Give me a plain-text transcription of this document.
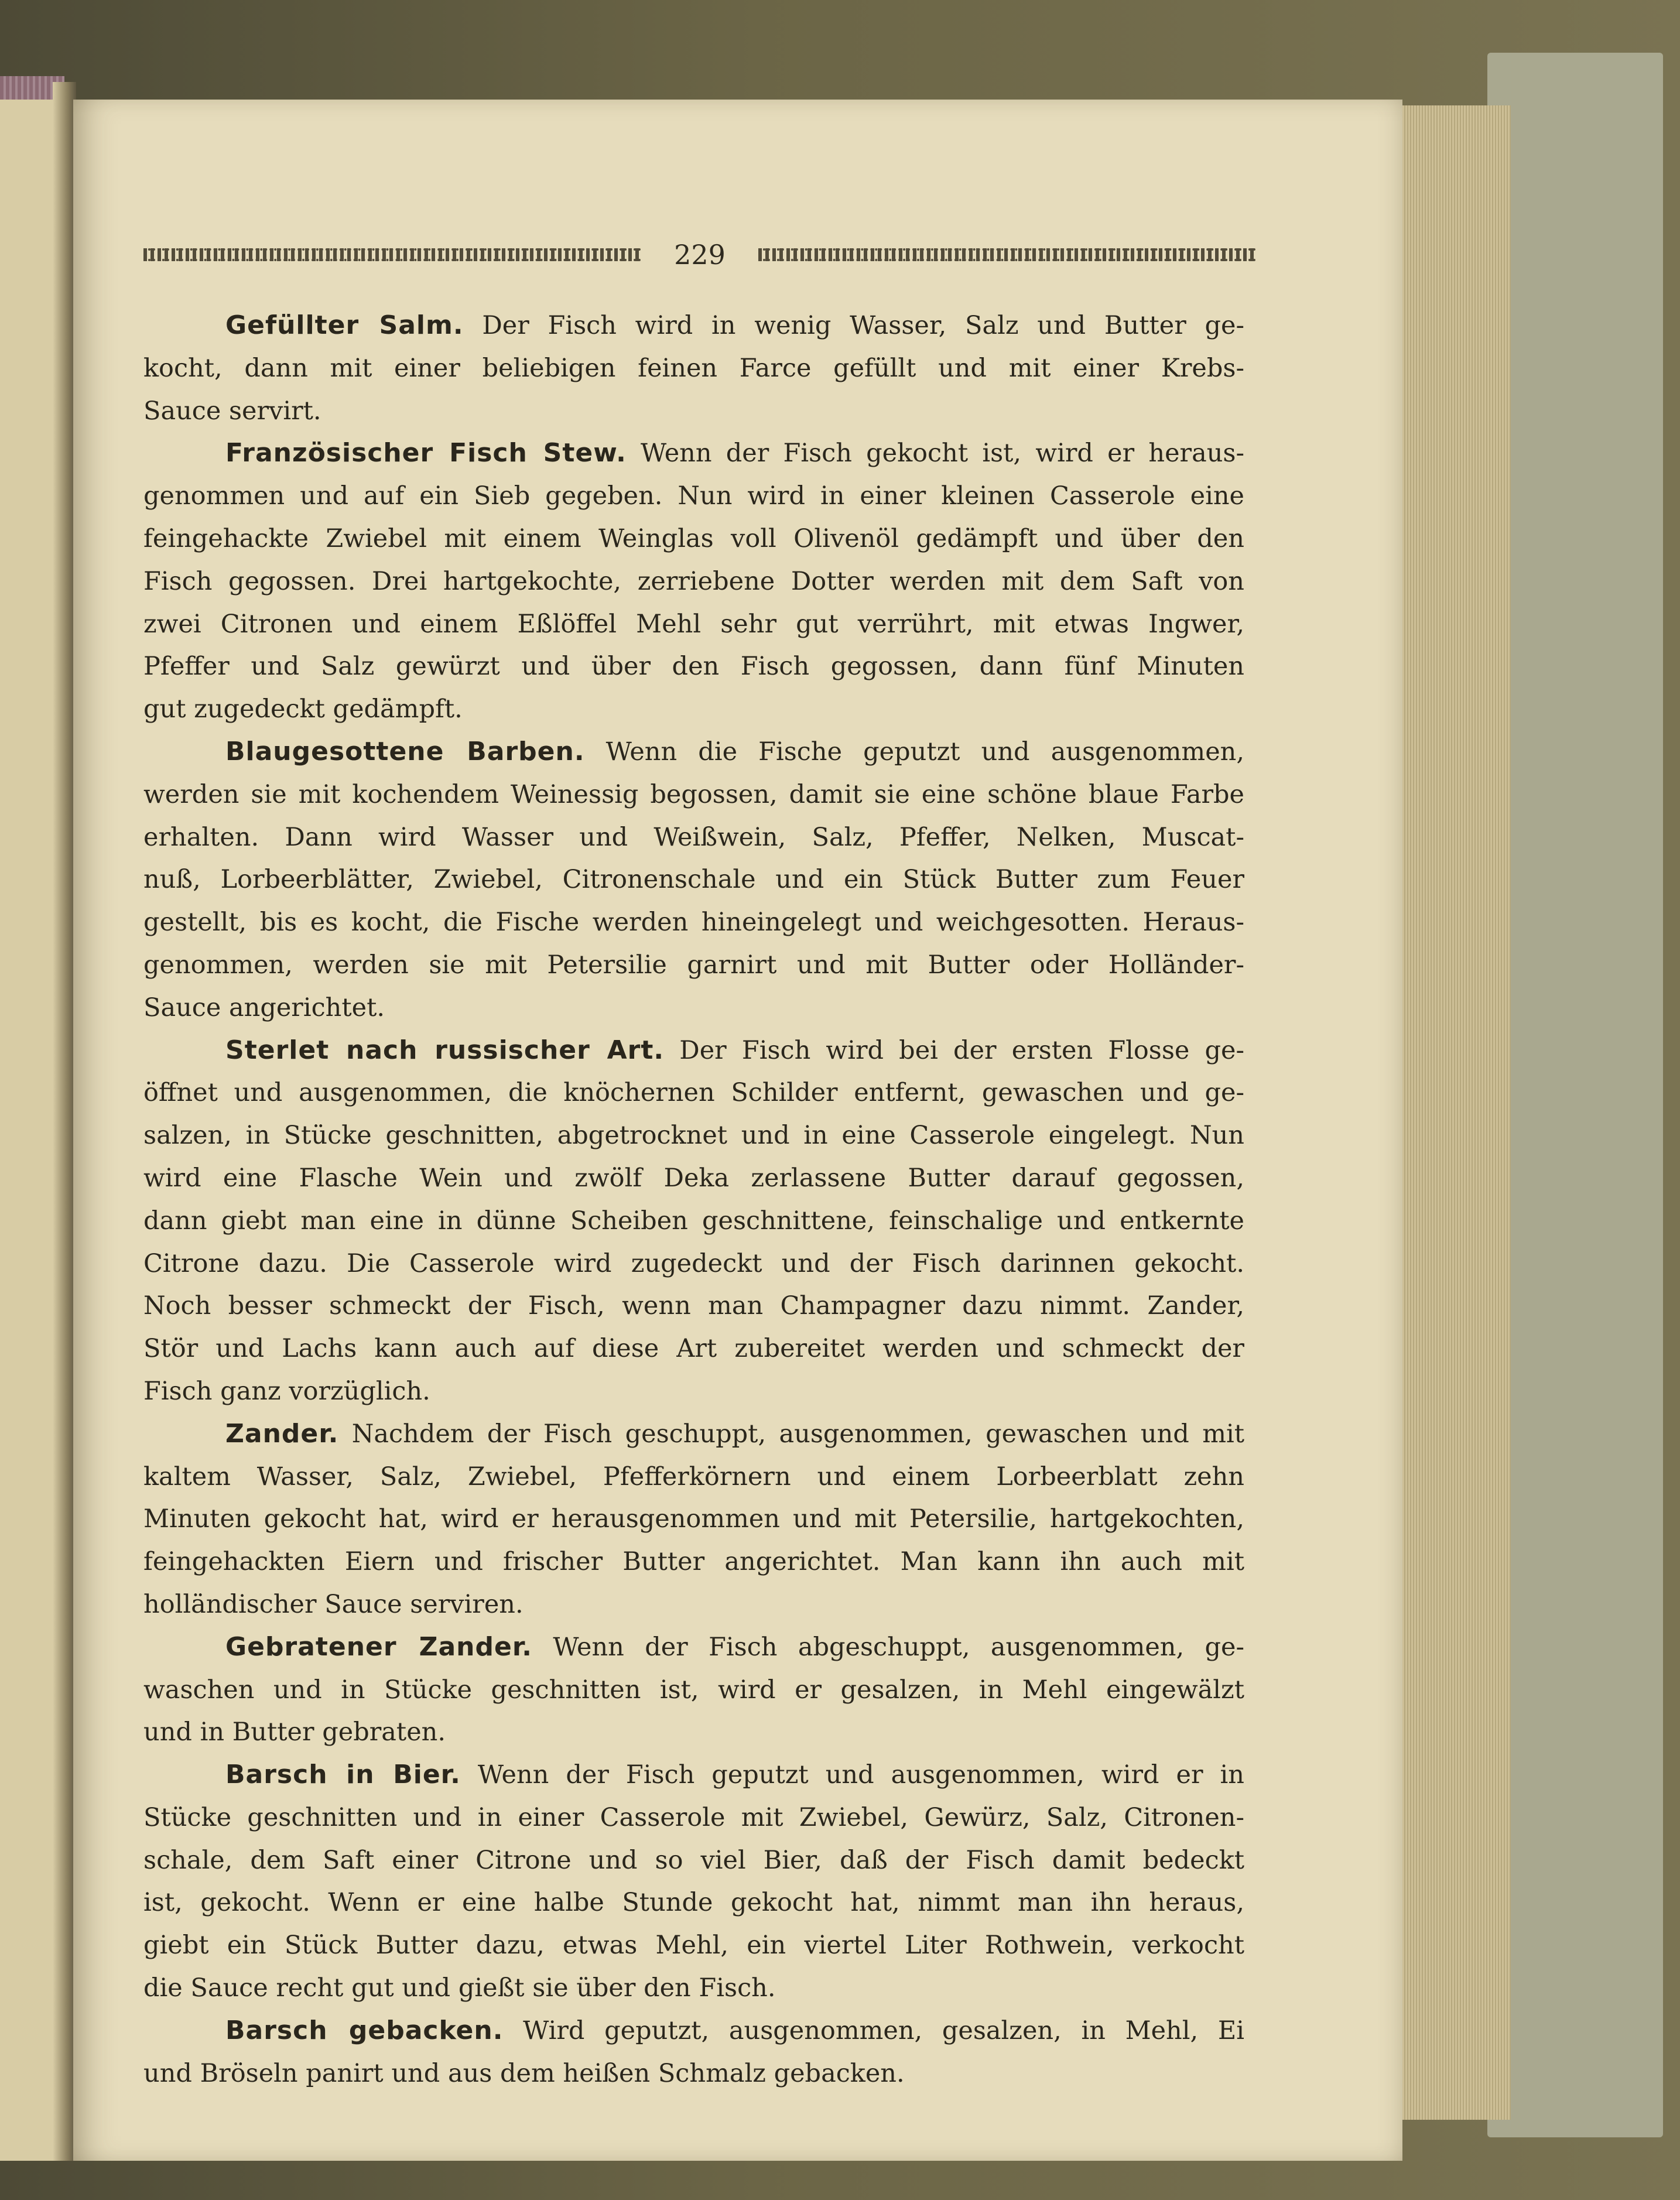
229
Gefüllter Salm. Der Fisch wird in wenig Wasser, Salz und Butter ge-
kocht, dann mit einer beliebigen feinen Farce gefüllt und mit einer Krebs-
Sauce servirt.
Französischer Fisch Stew. Wenn der Fisch gekocht ist, wird er heraus-
genommen und auf ein Sieb gegeben. Nun wird in einer kleinen Casserole eine
feingehackte Zwiebel mit einem Weinglas voll Olivenöl gedämpft und über den
Fisch gegossen. Drei hartgekochte, zerriebene Dotter werden mit dem Saft von
zwei Citronen und einem Eßlöffel Mehl sehr gut verrührt, mit etwas Ingwer,
Pfeffer und Salz gewürzt und über den Fisch gegossen, dann fünf Minuten
gut zugedeckt gedämpft.
Blaugesottene Barben. Wenn die Fische geputzt und ausgenommen,
werden sie mit kochendem Weinessig begossen, damit sie eine schöne blaue Farbe
erhalten. Dann wird Wasser und Weißwein, Salz, Pfeffer, Nelken, Muscat-
nuß, Lorbeerblätter, Zwiebel, Citronenschale und ein Stück Butter zum Feuer
gestellt, bis es kocht, die Fische werden hineingelegt und weichgesotten. Heraus-
genommen, werden sie mit Petersilie garnirt und mit Butter oder Holländer-
Sauce angerichtet.
Sterlet nach russischer Art. Der Fisch wird bei der ersten Flosse ge-
öffnet und ausgenommen, die knöchernen Schilder entfernt, gewaschen und ge-
salzen, in Stücke geschnitten, abgetrocknet und in eine Casserole eingelegt. Nun
wird eine Flasche Wein und zwölf Deka zerlassene Butter darauf gegossen,
dann giebt man eine in dünne Scheiben geschnittene, feinschalige und entkernte
Citrone dazu. Die Casserole wird zugedeckt und der Fisch darinnen gekocht.
Noch besser schmeckt der Fisch, wenn man Champagner dazu nimmt. Zander,
Stör und Lachs kann auch auf diese Art zubereitet werden und schmeckt der
Fisch ganz vorzüglich.
Zander. Nachdem der Fisch geschuppt, ausgenommen, gewaschen und mit
kaltem Wasser, Salz, Zwiebel, Pfefferkörnern und einem Lorbeerblatt zehn
Minuten gekocht hat, wird er herausgenommen und mit Petersilie, hartgekochten,
feingehackten Eiern und frischer Butter angerichtet. Man kann ihn auch mit
holländischer Sauce serviren.
Gebratener Zander. Wenn der Fisch abgeschuppt, ausgenommen, ge-
waschen und in Stücke geschnitten ist, wird er gesalzen, in Mehl eingewälzt
und in Butter gebraten.
Barsch in Bier. Wenn der Fisch geputzt und ausgenommen, wird er in
Stücke geschnitten und in einer Casserole mit Zwiebel, Gewürz, Salz, Citronen-
schale, dem Saft einer Citrone und so viel Bier, daß der Fisch damit bedeckt
ist, gekocht. Wenn er eine halbe Stunde gekocht hat, nimmt man ihn heraus,
giebt ein Stück Butter dazu, etwas Mehl, ein viertel Liter Rothwein, verkocht
die Sauce recht gut und gießt sie über den Fisch.
Barsch gebacken. Wird geputzt, ausgenommen, gesalzen, in Mehl, Ei
und Bröseln panirt und aus dem heißen Schmalz gebacken.
